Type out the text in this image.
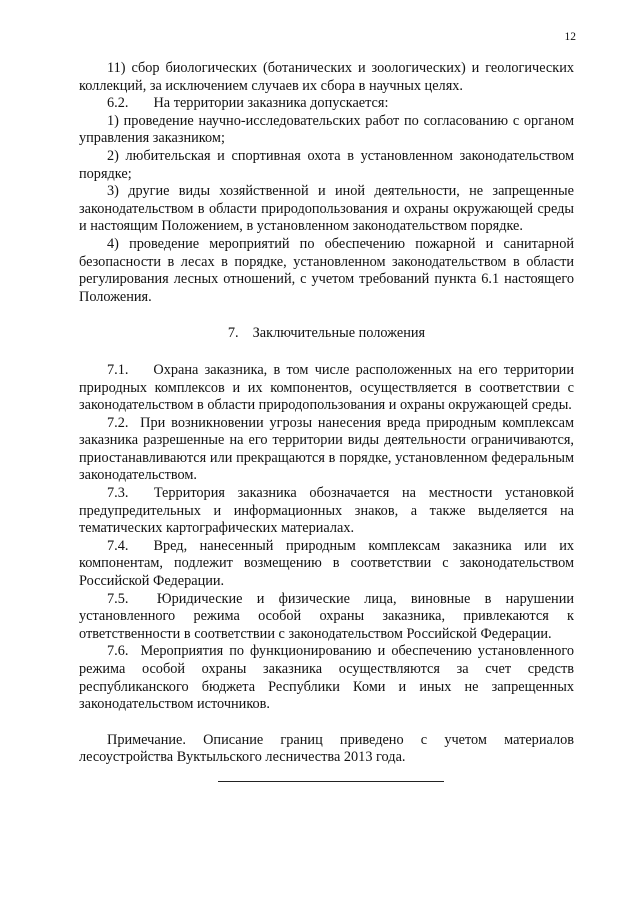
12

11) сбор биологических (ботанических и зоологических) и геологических коллекций, за исключением случаев их сбора в научных целях.

6.2.       На территории заказника допускается:

1) проведение научно-исследовательских работ по согласованию с органом управления заказником;

2) любительская и спортивная охота в установленном законодательством порядке;

3) другие виды хозяйственной и иной деятельности, не запрещенные законодательством в области природопользования и охраны окружающей среды и настоящим Положением, в установленном законодательством порядке.

4) проведение мероприятий по обеспечению пожарной и санитарной безопасности в лесах в порядке, установленном законодательством в области регулирования лесных отношений, с учетом требований пункта 6.1 настоящего Положения.

7. Заключительные положения

7.1.    Охрана заказника, в том числе расположенных на его территории природных комплексов и их компонентов, осуществляется в соответствии с законодательством в области природопользования и охраны окружающей среды.

7.2.  При возникновении угрозы нанесения вреда природным комплексам заказника разрешенные на его территории виды деятельности ограничиваются, приостанавливаются или прекращаются в порядке, установленном федеральным законодательством.

7.3.  Территория заказника обозначается на местности установкой предупредительных и информационных знаков, а также выделяется на тематических картографических материалах.

7.4.  Вред, нанесенный природным комплексам заказника или их компонентам, подлежит возмещению в соответствии с законодательством Российской Федерации.

7.5.  Юридические и физические лица, виновные в нарушении установленного режима особой охраны заказника, привлекаются к ответственности в соответствии с законодательством Российской Федерации.

7.6.  Мероприятия по функционированию и обеспечению установленного режима особой охраны заказника осуществляются за счет средств республиканского бюджета Республики Коми и иных не запрещенных законодательством источников.

Примечание. Описание границ приведено с учетом материалов лесоустройства Вуктыльского лесничества 2013 года.
